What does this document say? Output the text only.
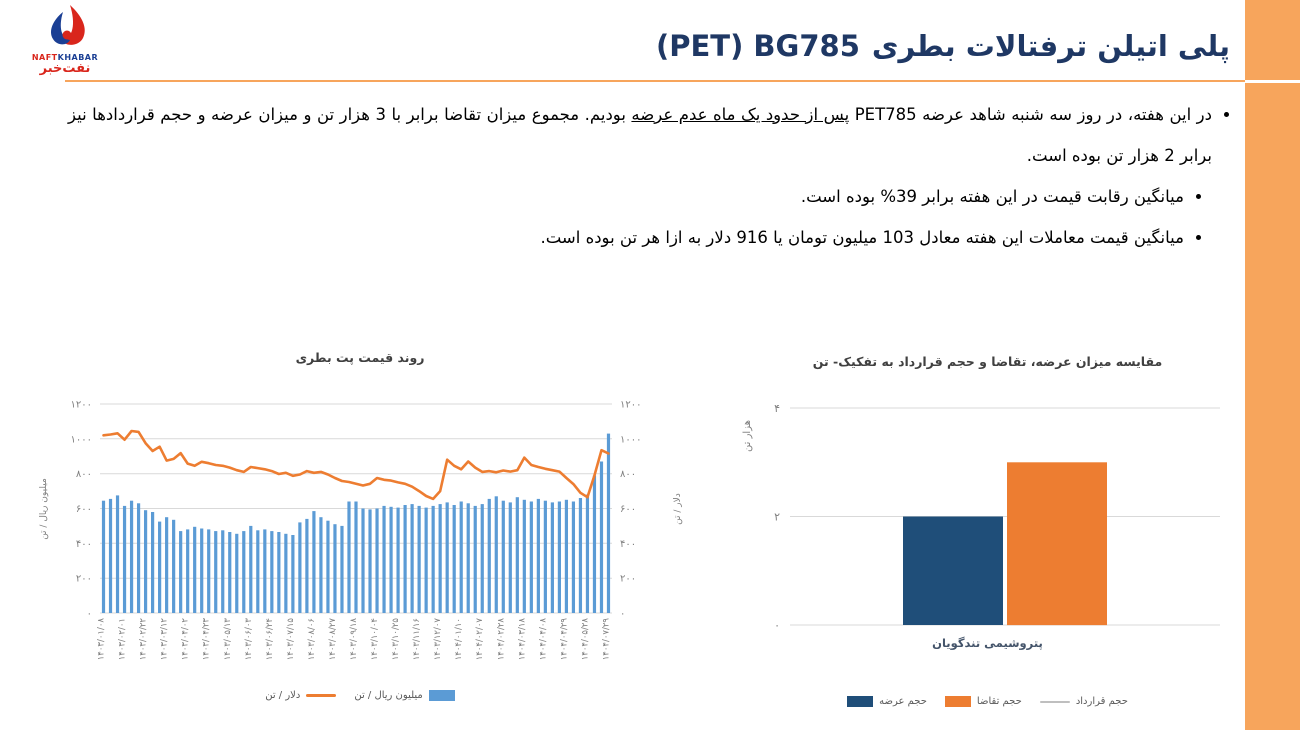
NAFTKHABAR
نفت‌خبر
پلی اتیلن ترفتالات بطری
(PET) BG785
• در این هفته، در روز سه شنبه شاهد عرضه PET785 پس از حدود یک ماه عدم عرضه بودیم. مجموع میزان تقاضا برابر با 3 هزار تن و میزان عرضه و حجم قراردادها نیز برابر 2 هزار تن بوده است.
• میانگین رقابت قیمت در این هفته برابر 39% بوده است.
• میانگین قیمت معاملات این هفته معادل 103 میلیون تومان یا 916 دلار به ازا هر تن بوده است.
روند قیمت پت بطری
۱۲۰۰	۱۲۰۰
۱۰۰۰	۱۰۰۰
۸۰۰	۸۰۰
۶۰۰	۶۰۰
۴۰۰	۴۰۰
۲۰۰	۲۰۰
۰	۰
۱۴۰۳/۰۱/۰۸ ۱۴۰۳/۰۲/۰۱ ۱۴۰۳/۰۲/۲۲ ۱۴۰۳/۰۳/۱۲ ۱۴۰۳/۰۴/۰۲ ۱۴۰۳/۰۴/۲۳ ۱۴۰۳/۰۵/۱۳ ۱۴۰۳/۰۶/۰۳ ۱۴۰۳/۰۶/۲۴ ۱۴۰۳/۰۷/۱۵ ۱۴۰۳/۰۸/۰۶ ۱۴۰۳/۰۸/۲۷ ۱۴۰۳/۰۹/۱۸ ۱۴۰۳/۱۰/۰۴ ۱۴۰۳/۱۰/۲۵ ۱۴۰۳/۱۱/۱۶ ۱۴۰۳/۱۲/۰۷ ۱۴۰۴/۰۱/۱۰ ۱۴۰۴/۰۲/۰۷ ۱۴۰۴/۰۲/۲۸ ۱۴۰۴/۰۳/۱۸ ۱۴۰۴/۰۴/۰۸ ۱۴۰۴/۰۴/۲۹ ۱۴۰۴/۰۵/۲۸ ۱۴۰۴/۰۷/۲۹
میلیون ریال / تن	دلار / تن
دلار / تن	میلیون ریال / تن
مقایسه میزان عرضه، تقاضا و حجم قرارداد به تفکیک- تن
۴
۲
۰
هزار تن
پتروشیمی تندگویان
حجم عرضه	حجم تقاضا	حجم قرارداد
